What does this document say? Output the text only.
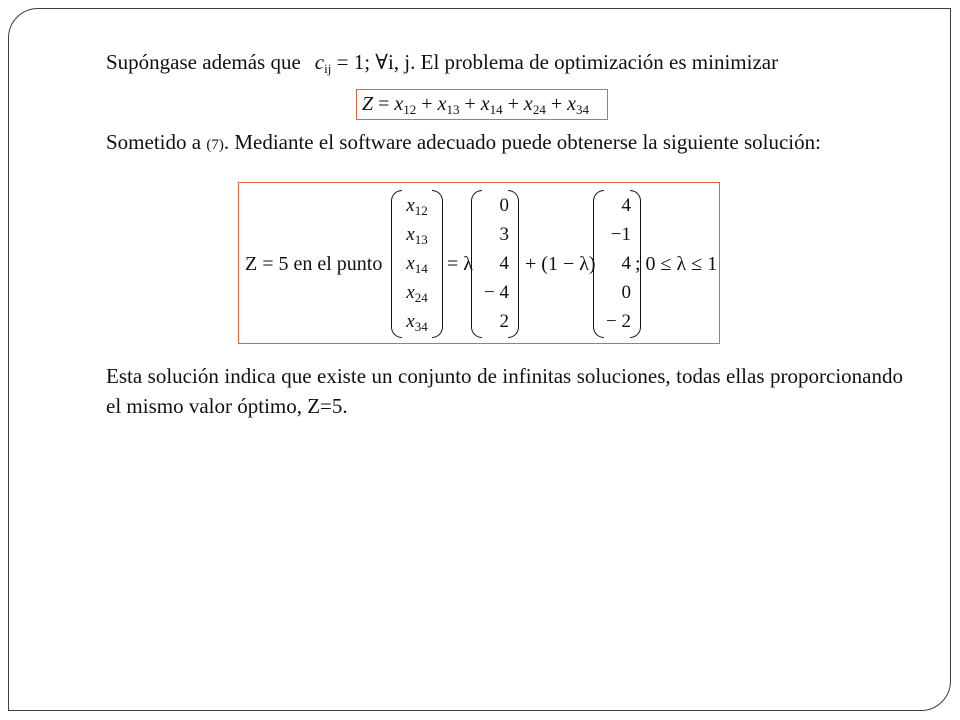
Supóngase además que $c_{ij} = 1$; ∀i, j. El problema de optimización es minimizar
$Z = x_{12} + x_{13} + x_{14} + x_{24} + x_{34}$
Sometido a (7). Mediante el software adecuado puede obtenerse la siguiente solución:
Z = 5 en el punto
$x_{12}$
$x_{13}$
$x_{14}$
$x_{24}$
$x_{34}$
= λ
0
3
4
− 4
2
+ (1 − λ)
4
−1
4
0
− 2
; 0 ≤ λ ≤ 1
Esta solución indica que existe un conjunto de infinitas soluciones, todas ellas proporcionando el mismo valor óptimo, Z=5.
